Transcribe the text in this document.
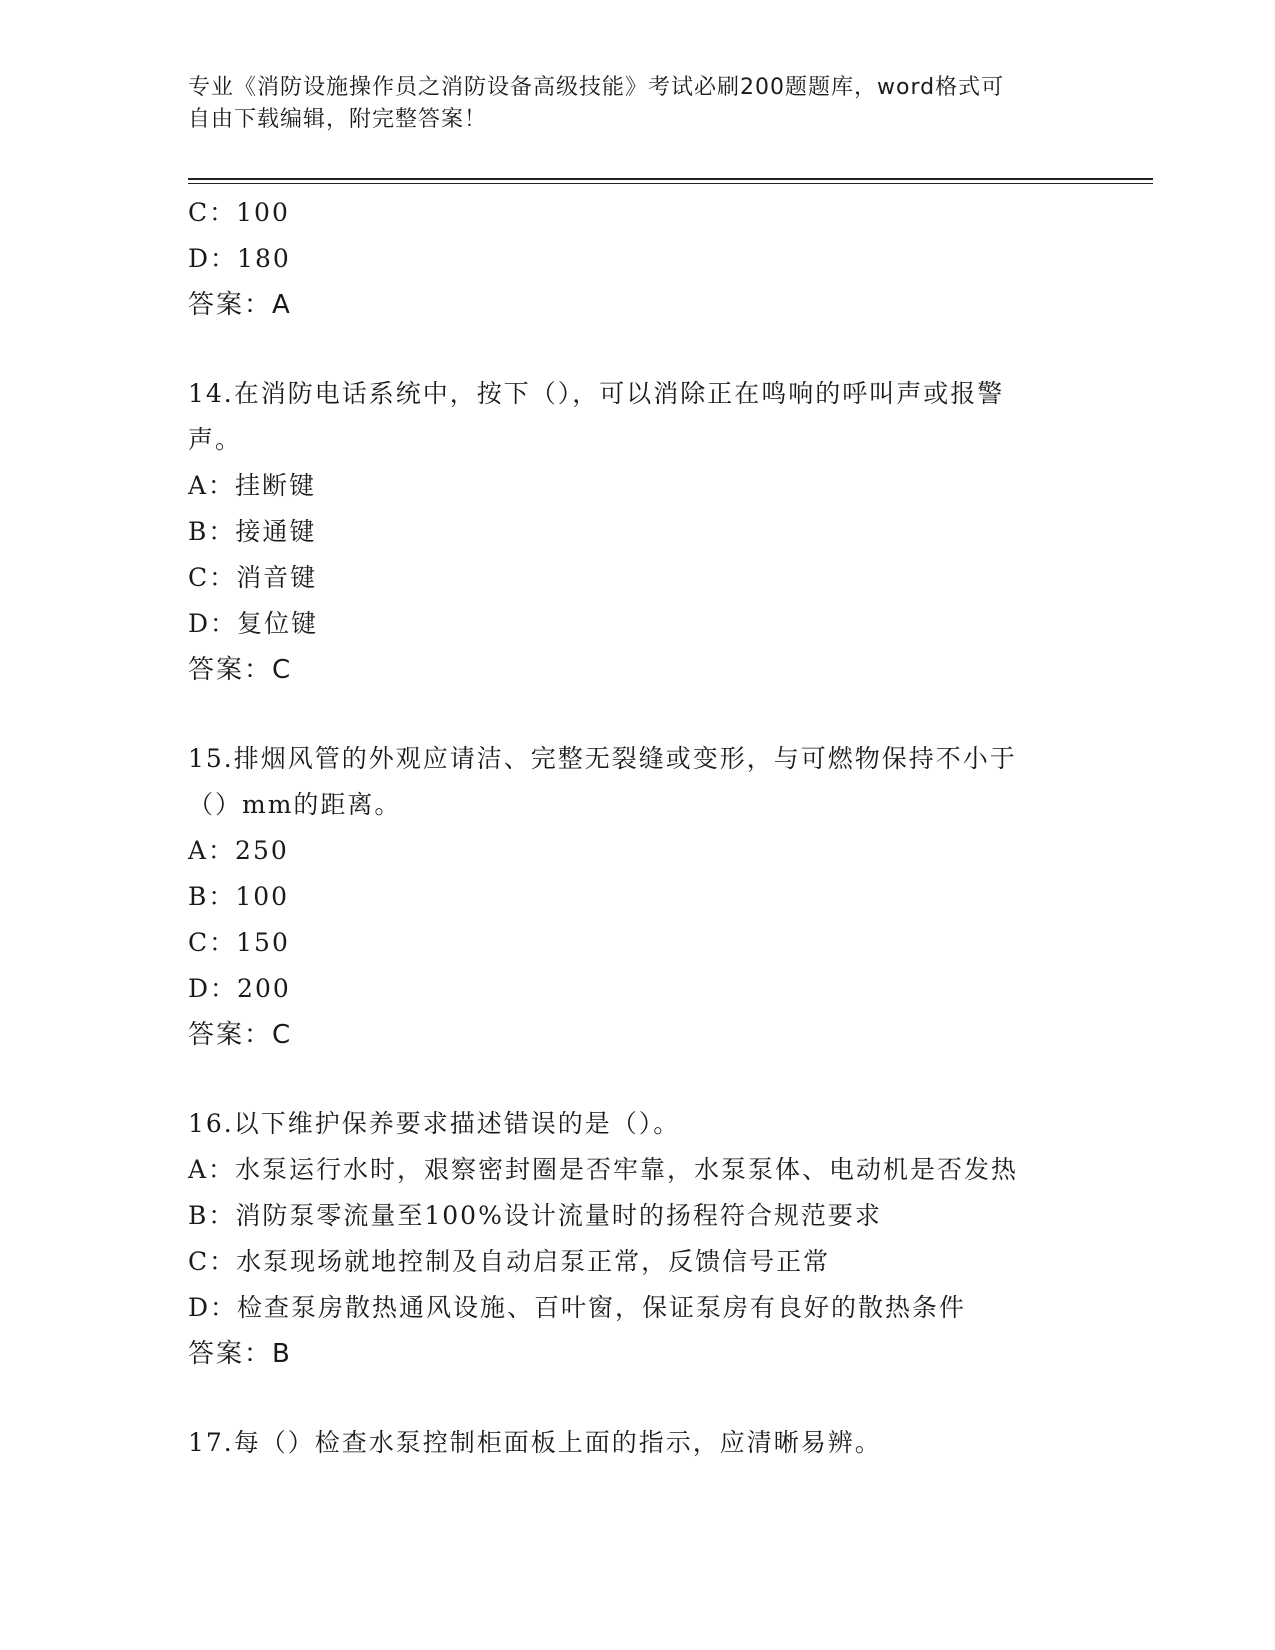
专业《消防设施操作员之消防设备高级技能》考试必刷200题题库，word格式可
自由下载编辑，附完整答案！
C：100
D：180
答案：A
14.在消防电话系统中，按下（），可以消除正在鸣响的呼叫声或报警
声。
A：挂断键
B：接通键
C：消音键
D：复位键
答案：C
15.排烟风管的外观应请洁、完整无裂缝或变形，与可燃物保持不小于
（）mm的距离。
A：250
B：100
C：150
D：200
答案：C
16.以下维护保养要求描述错误的是（）。
A：水泵运行水时，艰察密封圈是否牢靠，水泵泵体、电动机是否发热
B：消防泵零流量至100%设计流量时的扬程符合规范要求
C：水泵现场就地控制及自动启泵正常，反馈信号正常
D：检查泵房散热通风设施、百叶窗，保证泵房有良好的散热条件
答案：B
17.每（）检查水泵控制柜面板上面的指示，应清晰易辨。
